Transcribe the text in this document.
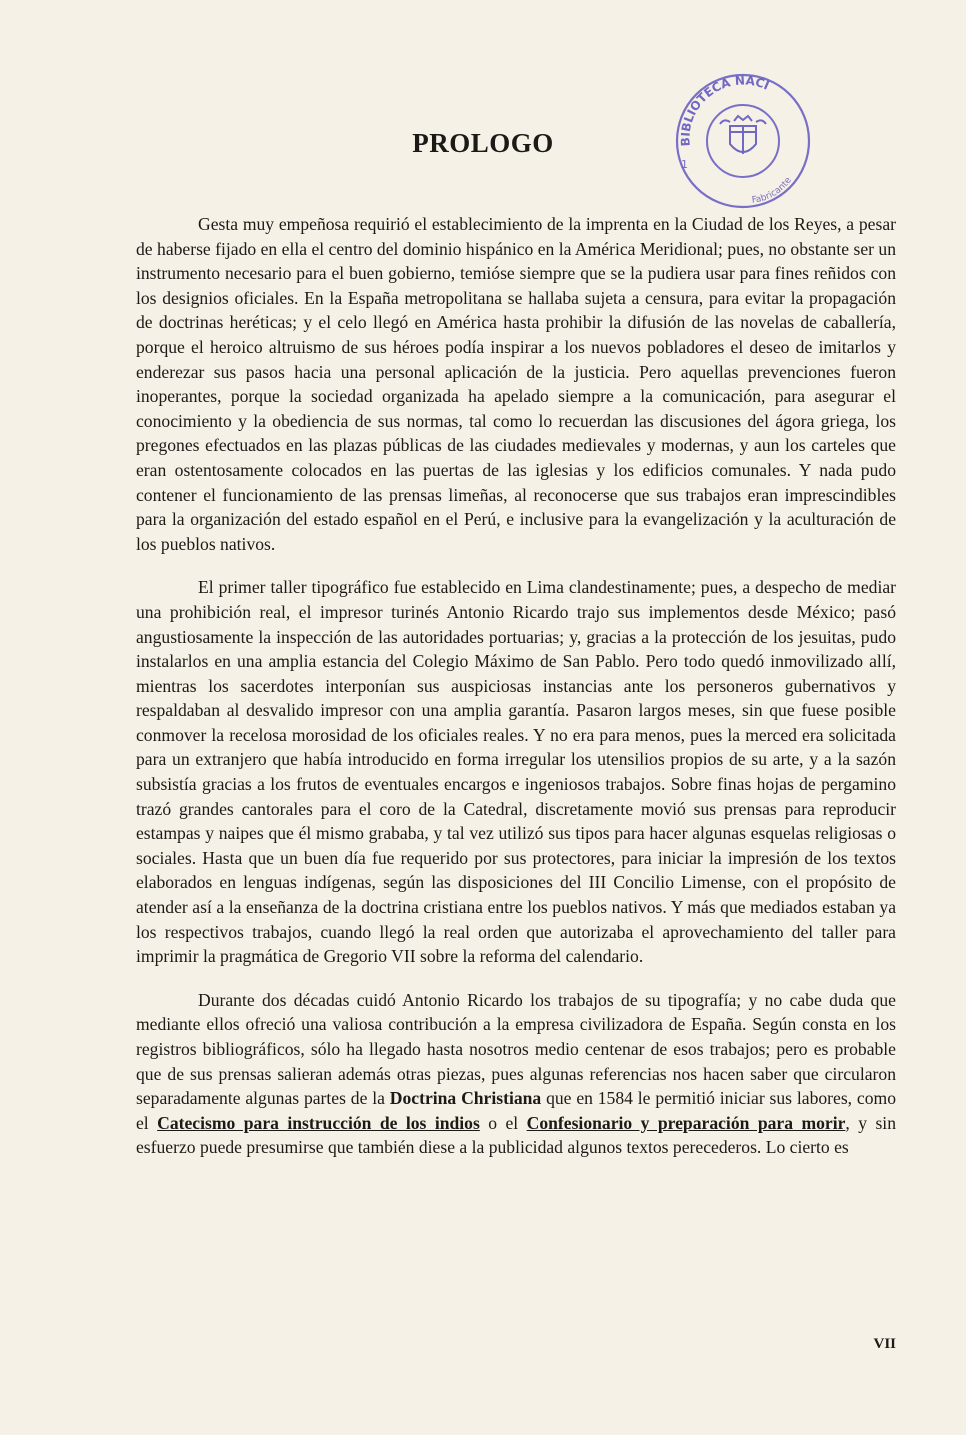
PROLOGO	BIBLIOTECA NACI
Fabricante
1

Gesta muy empeñosa requirió el establecimiento de la imprenta en la Ciudad de los Reyes, a pesar de haberse fijado en ella el centro del dominio hispánico en la América Meridional; pues, no obstante ser un instrumento necesario para el buen gobierno, temióse siempre que se la pudiera usar para fines reñidos con los designios oficiales. En la España metropolitana se hallaba sujeta a censura, para evitar la propagación de doctrinas heréticas; y el celo llegó en América hasta prohibir la difusión de las novelas de caballería, porque el heroico altruismo de sus héroes podía inspirar a los nuevos pobladores el deseo de imitarlos y enderezar sus pasos hacia una personal aplicación de la justicia. Pero aquellas prevenciones fueron inoperantes, porque la sociedad organizada ha apelado siempre a la comunicación, para asegurar el conocimiento y la obediencia de sus normas, tal como lo recuerdan las discusiones del ágora griega, los pregones efectuados en las plazas públicas de las ciudades medievales y modernas, y aun los carteles que eran ostentosamente colocados en las puertas de las iglesias y los edificios comunales. Y nada pudo contener el funcionamiento de las prensas limeñas, al reconocerse que sus trabajos eran imprescindibles para la organización del estado español en el Perú, e inclusive para la evangelización y la aculturación de los pueblos nativos.

El primer taller tipográfico fue establecido en Lima clandestinamente; pues, a despecho de mediar una prohibición real, el impresor turinés Antonio Ricardo trajo sus implementos desde México; pasó angustiosamente la inspección de las autoridades portuarias; y, gracias a la protección de los jesuitas, pudo instalarlos en una amplia estancia del Colegio Máximo de San Pablo. Pero todo quedó inmovilizado allí, mientras los sacerdotes interponían sus auspiciosas instancias ante los personeros gubernativos y respaldaban al desvalido impresor con una amplia garantía. Pasaron largos meses, sin que fuese posible conmover la recelosa morosidad de los oficiales reales. Y no era para menos, pues la merced era solicitada para un extranjero que había introducido en forma irregular los utensilios propios de su arte, y a la sazón subsistía gracias a los frutos de eventuales encargos e ingeniosos trabajos. Sobre finas hojas de pergamino trazó grandes cantorales para el coro de la Catedral, discretamente movió sus prensas para reproducir estampas y naipes que él mismo grababa, y tal vez utilizó sus tipos para hacer algunas esquelas religiosas o sociales. Hasta que un buen día fue requerido por sus protectores, para iniciar la impresión de los textos elaborados en lenguas indígenas, según las disposiciones del III Concilio Limense, con el propósito de atender así a la enseñanza de la doctrina cristiana entre los pueblos nativos. Y más que mediados estaban ya los respectivos trabajos, cuando llegó la real orden que autorizaba el aprovechamiento del taller para imprimir la pragmática de Gregorio VII sobre la reforma del calendario.

Durante dos décadas cuidó Antonio Ricardo los trabajos de su tipografía; y no cabe duda que mediante ellos ofreció una valiosa contribución a la empresa civilizadora de España. Según consta en los registros bibliográficos, sólo ha llegado hasta nosotros medio centenar de esos trabajos; pero es probable que de sus prensas salieran además otras piezas, pues algunas referencias nos hacen saber que circularon separadamente algunas partes de la Doctrina Christiana que en 1584 le permitió iniciar sus labores, como el Catecismo para instrucción de los indios o el Confesionario y preparación para morir, y sin esfuerzo puede presumirse que también diese a la publicidad algunos textos perecederos. Lo cierto es

VII
